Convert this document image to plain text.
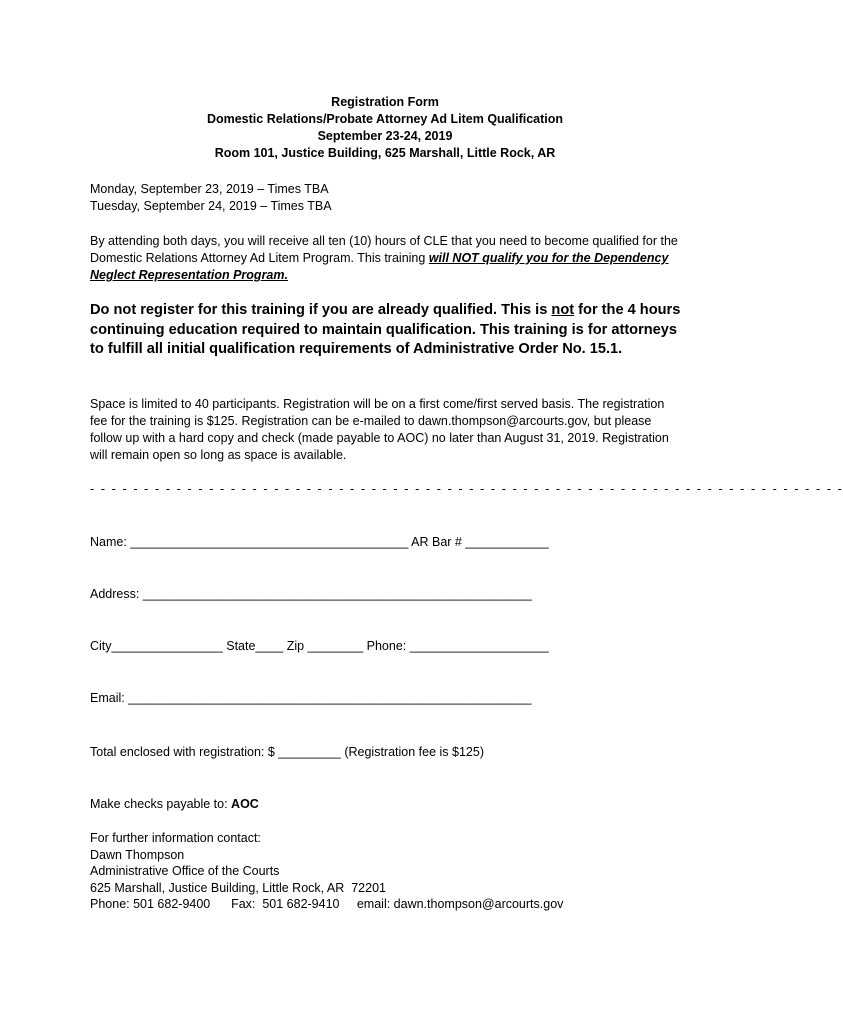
Registration Form
Domestic Relations/Probate Attorney Ad Litem Qualification
September 23-24, 2019
Room 101, Justice Building, 625 Marshall, Little Rock, AR
Monday, September 23, 2019 – Times TBA
Tuesday, September 24, 2019 – Times TBA
By attending both days, you will receive all ten (10) hours of CLE that you need to become qualified for the Domestic Relations Attorney Ad Litem Program. This training will NOT qualify you for the Dependency Neglect Representation Program.
Do not register for this training if you are already qualified. This is not for the 4 hours continuing education required to maintain qualification. This training is for attorneys to fulfill all initial qualification requirements of Administrative Order No. 15.1.
Space is limited to 40 participants. Registration will be on a first come/first served basis. The registration fee for the training is $125. Registration can be e-mailed to dawn.thompson@arcourts.gov, but please follow up with a hard copy and check (made payable to AOC) no later than August 31, 2019. Registration will remain open so long as space is available.
- - - - - - - - - - - - - - - - - - - - - - - - - - - - - - - - - - - - - - - - - - - - - - - - - - - - - - - - - - - - - - - - - - - - - -
Name: ________________________________________ AR Bar # ____________
Address: ________________________________________________________
City________________ State____ Zip ________ Phone: ____________________
Email: __________________________________________________________
Total enclosed with registration: $ _________ (Registration fee is $125)
Make checks payable to: AOC
For further information contact:
Dawn Thompson
Administrative Office of the Courts
625 Marshall, Justice Building, Little Rock, AR  72201
Phone: 501 682-9400      Fax:  501 682-9410     email: dawn.thompson@arcourts.gov
